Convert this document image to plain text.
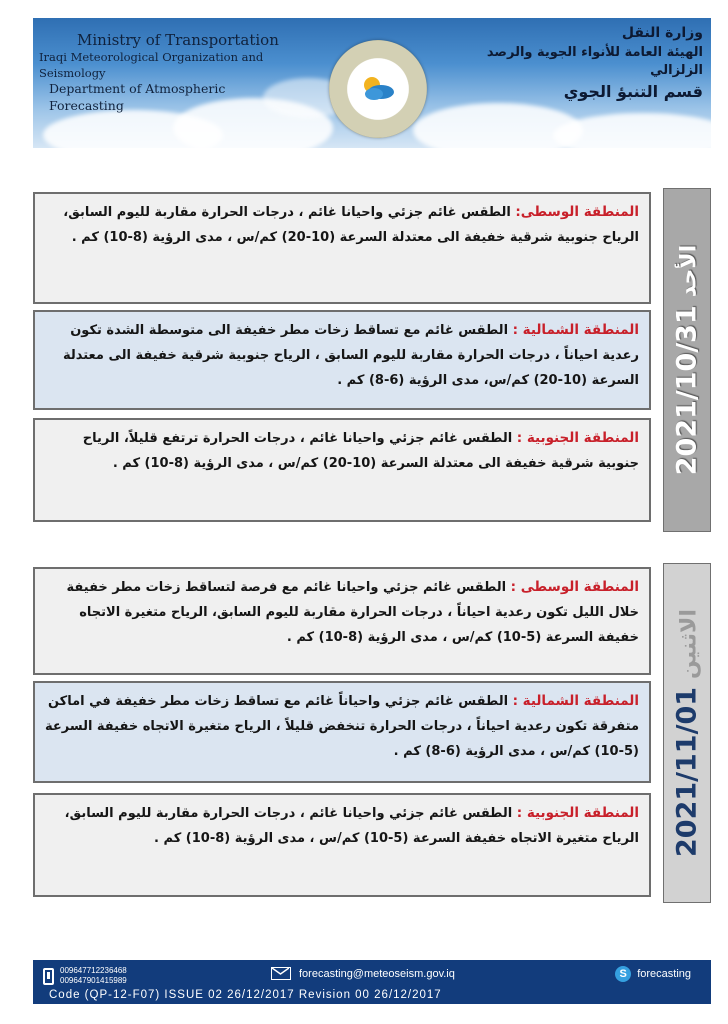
Ministry of Transportation
Iraqi Meteorological Organization and Seismology
Department of Atmospheric Forecasting
وزارة النقل
الهيئة العامة للأنواء الجوية والرصد الزلزالي
قسم التنبؤ الجوي
المنطقة الوسطى: الطقس غائم جزئي واحيانا غائم ، درجات الحرارة مقاربة لليوم السابق، الرياح جنوبية شرقية خفيفة الى معتدلة السرعة (10-20) كم/س ، مدى الرؤية (8-10) كم .
المنطقة الشمالية : الطقس غائم مع تساقط زخات مطر خفيفة الى متوسطة الشدة تكون رعدية احياناً ، درجات الحرارة مقاربة لليوم السابق ، الرياح جنوبية شرقية خفيفة الى معتدلة السرعة (10-20) كم/س، مدى الرؤية (6-8) كم .
المنطقة الجنوبية : الطقس غائم جزئي واحيانا غائم ، درجات الحرارة ترتفع قليلاً، الرياح جنوبية شرقية خفيفة الى معتدلة السرعة (10-20) كم/س ، مدى الرؤية (8-10) كم .	2021/10/31الأحد
المنطقة الوسطى : الطقس غائم جزئي واحيانا غائم مع فرصة لتساقط زخات مطر خفيفة خلال الليل تكون رعدية احياناً ، درجات الحرارة مقاربة لليوم السابق، الرياح متغيرة الاتجاه خفيفة السرعة (5-10) كم/س ، مدى الرؤية (8-10) كم .
المنطقة الشمالية : الطقس غائم جزئي واحياناً غائم مع تساقط زخات مطر خفيفة في اماكن متفرقة تكون رعدية احياناً ، درجات الحرارة تنخفض قليلاً ، الرياح متغيرة الاتجاه خفيفة السرعة (5-10) كم/س ، مدى الرؤية (6-8) كم .
المنطقة الجنوبية : الطقس غائم جزئي واحيانا غائم ، درجات الحرارة مقاربة لليوم السابق، الرياح متغيرة الاتجاه خفيفة السرعة (5-10) كم/س ، مدى الرؤية (8-10) كم .	2021/11/01الاثنين
009647712236468
009647901415989
forecasting@meteoseism.gov.iq	S forecasting
Code (QP-12-F07) ISSUE 02 26/12/2017 Revision 00 26/12/2017
